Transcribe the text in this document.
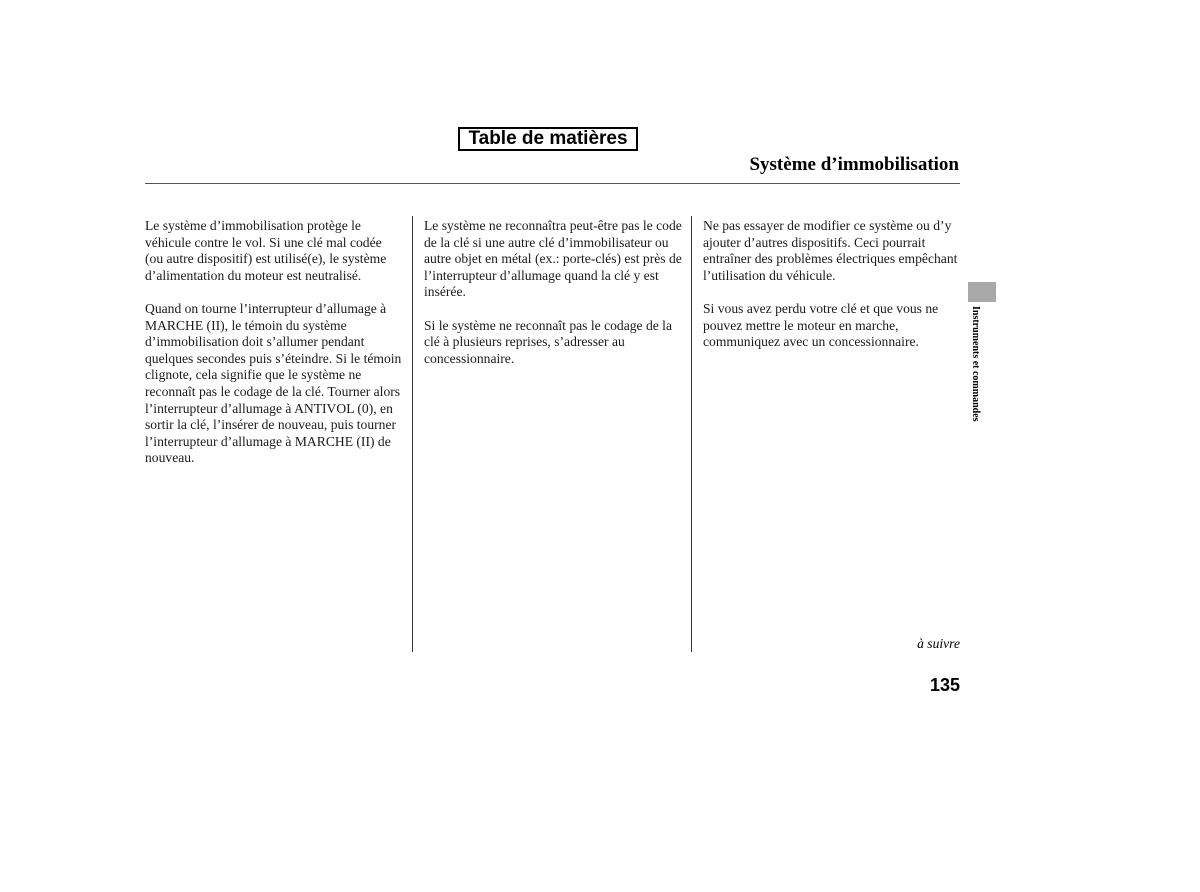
Table de matières
Système d’immobilisation

Le système d’immobilisation protège le véhicule contre le vol. Si une clé mal codée (ou autre dispositif) est utilisé(e), le système d’alimentation du moteur est neutralisé.

Quand on tourne l’interrupteur d’allumage à MARCHE (II), le témoin du système d’immobilisation doit s’allumer pendant quelques secondes puis s’éteindre. Si le témoin clignote, cela signifie que le système ne reconnaît pas le codage de la clé. Tourner alors l’interrupteur d’allumage à ANTIVOL (0), en sortir la clé, l’insérer de nouveau, puis tourner l’interrupteur d’allumage à MARCHE (II) de nouveau.

Le système ne reconnaîtra peut-être pas le code de la clé si une autre clé d’immobilisateur ou autre objet en métal (ex.: porte-clés) est près de l’interrupteur d’allumage quand la clé y est insérée.

Si le système ne reconnaît pas le codage de la clé à plusieurs reprises, s’adresser au concessionnaire.

Ne pas essayer de modifier ce système ou d’y ajouter d’autres dispositifs. Ceci pourrait entraîner des problèmes électriques empêchant l’utilisation du véhicule.

Si vous avez perdu votre clé et que vous ne pouvez mettre le moteur en marche, communiquez avec un concessionnaire.	Instruments et commandes
à suivre
135
